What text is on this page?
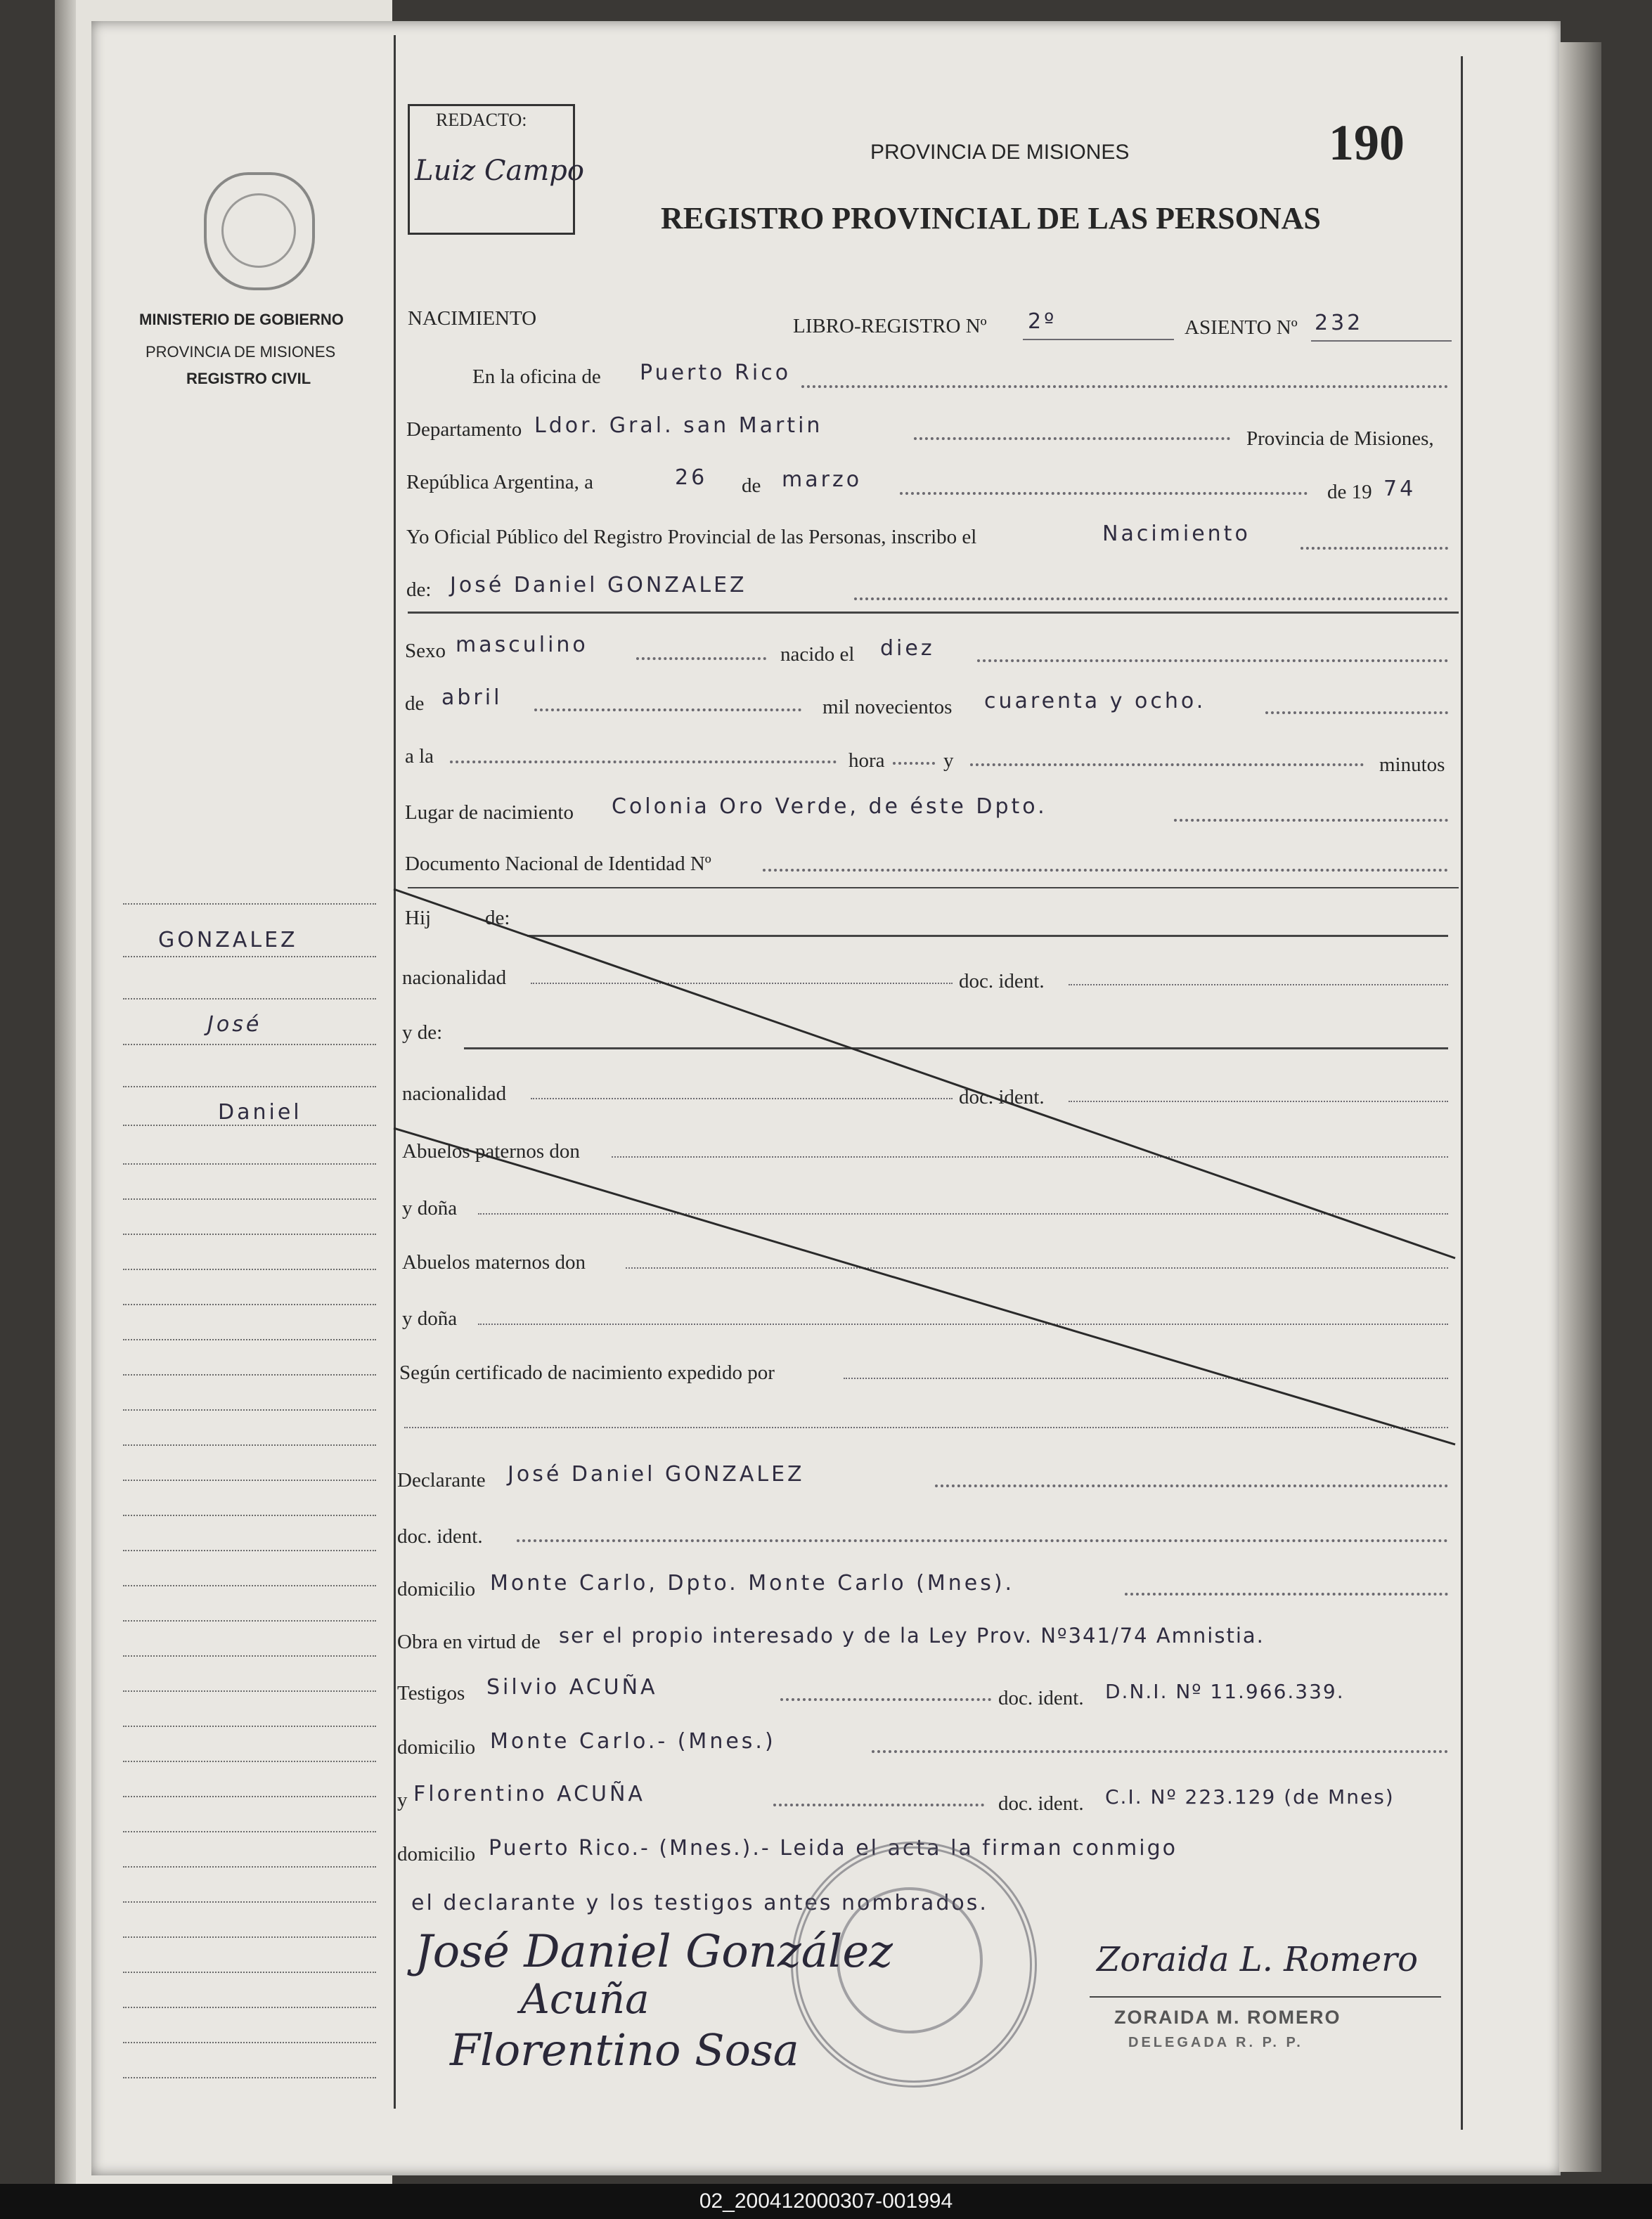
MINISTERIO DE GOBIERNO
PROVINCIA DE MISIONES
REGISTRO CIVIL
GONZALEZ
José
Daniel
REDACTO:
Luiz Campo
PROVINCIA DE MISIONES
REGISTRO PROVINCIAL DE LAS PERSONAS
190
NACIMIENTO	LIBRO-REGISTRO Nº 2º	ASIENTO Nº 232
En la oficina de Puerto Rico
Departamento Ldor. Gral. san Martin
Provincia de Misiones,
República Argentina, a	26 de marzo	de 19 74
Yo Oficial Público del Registro Provincial de las Personas, inscribo el	Nacimiento
de: José Daniel GONZALEZ
Sexo masculino	nacido el diez
de abril	mil novecientos cuarenta y ocho.
a la	hora	y	minutos
Lugar de nacimiento Colonia Oro Verde, de éste Dpto.
Documento Nacional de Identidad Nº
Hij	de:
nacionalidad	doc. ident.
y de:
nacionalidad	doc. ident.
Abuelos paternos don
y doña
Abuelos maternos don
y doña
Según certificado de nacimiento expedido por
Declarante José Daniel GONZALEZ
doc. ident.
domicilio Monte Carlo, Dpto. Monte Carlo (Mnes).
Obra en virtud de ser el propio interesado y de la Ley Prov. Nº341/74 Amnistia.
Testigos Silvio ACUÑA	doc. ident. D.N.I. Nº 11.966.339.
domicilio Monte Carlo.- (Mnes.)
y Florentino ACUÑA	doc. ident. C.I. Nº 223.129 (de Mnes)
domicilio Puerto Rico.- (Mnes.).- Leida el acta la firman conmigo
el declarante y los testigos antes nombrados.
José Daniel González
Acuña
Florentino Sosa
Zoraida L. Romero
ZORAIDA M. ROMERO
DELEGADA R. P. P.
02_200412000307-001994
